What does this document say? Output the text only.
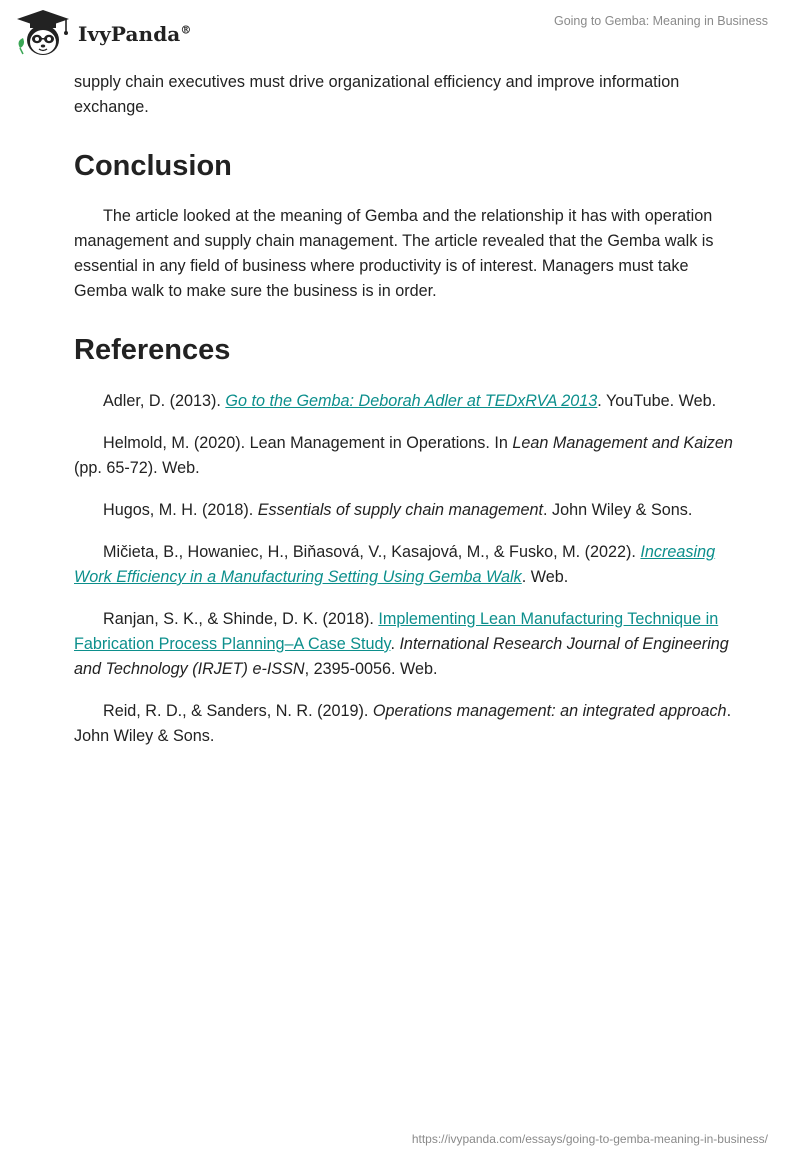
IvyPanda®
Going to Gemba: Meaning in Business

supply chain executives must drive organizational efficiency and improve information exchange.

Conclusion

The article looked at the meaning of Gemba and the relationship it has with operation management and supply chain management. The article revealed that the Gemba walk is essential in any field of business where productivity is of interest. Managers must take Gemba walk to make sure the business is in order.

References

Adler, D. (2013). Go to the Gemba: Deborah Adler at TEDxRVA 2013. YouTube. Web.

Helmold, M. (2020). Lean Management in Operations. In Lean Management and Kaizen (pp. 65-72). Web.

Hugos, M. H. (2018). Essentials of supply chain management. John Wiley & Sons.

Mičieta, B., Howaniec, H., Biňasová, V., Kasajová, M., & Fusko, M. (2022). Increasing Work Efficiency in a Manufacturing Setting Using Gemba Walk. Web.

Ranjan, S. K., & Shinde, D. K. (2018). Implementing Lean Manufacturing Technique in Fabrication Process Planning–A Case Study. International Research Journal of Engineering and Technology (IRJET) e-ISSN, 2395-0056. Web.

Reid, R. D., & Sanders, N. R. (2019). Operations management: an integrated approach. John Wiley & Sons.

https://ivypanda.com/essays/going-to-gemba-meaning-in-business/
